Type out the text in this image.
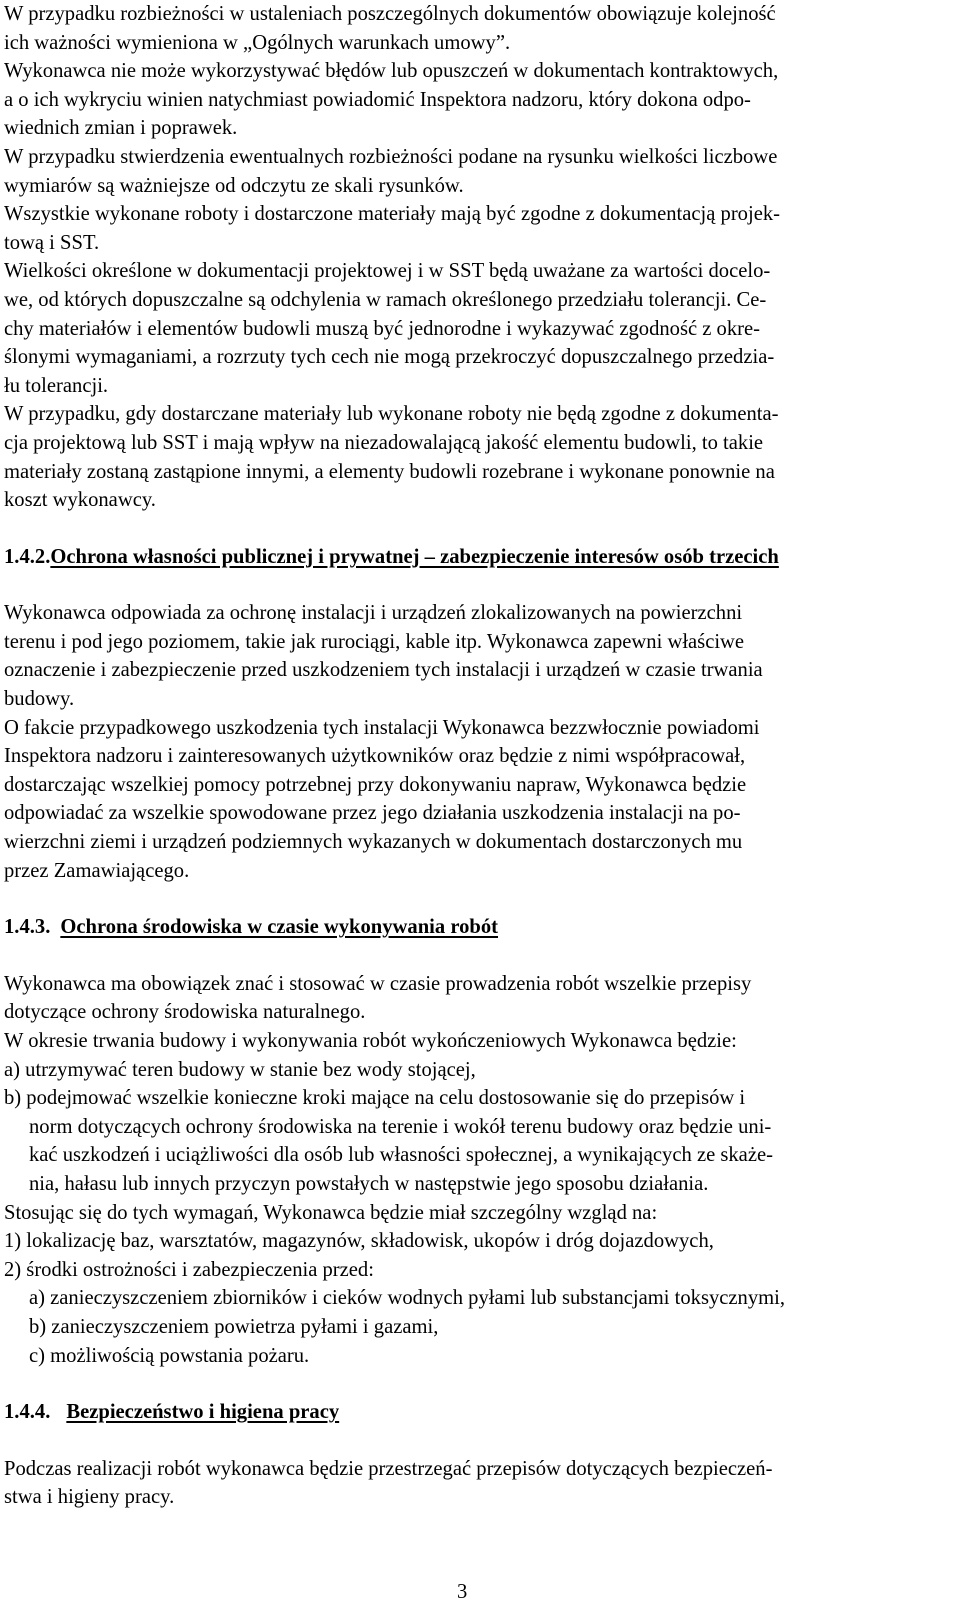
W przypadku rozbieżności w ustaleniach poszczególnych dokumentów obowiązuje kolejność
ich ważności wymieniona w „Ogólnych warunkach umowy”.
Wykonawca nie może wykorzystywać błędów lub opuszczeń w dokumentach kontraktowych,
a o ich wykryciu winien natychmiast powiadomić Inspektora nadzoru, który dokona odpo-
wiednich zmian i poprawek.
W przypadku stwierdzenia ewentualnych rozbieżności podane na rysunku wielkości liczbowe
wymiarów są ważniejsze od odczytu ze skali rysunków.
Wszystkie wykonane roboty i dostarczone materiały mają być zgodne z dokumentacją projek-
tową i SST.
Wielkości określone w dokumentacji projektowej i w SST będą uważane za wartości docelo-
we, od których dopuszczalne są odchylenia w ramach określonego przedziału tolerancji. Ce-
chy materiałów i elementów budowli muszą być jednorodne i wykazywać zgodność z okre-
ślonymi wymaganiami, a rozrzuty tych cech nie mogą przekroczyć dopuszczalnego przedzia-
łu tolerancji.
W przypadku, gdy dostarczane materiały lub wykonane roboty nie będą zgodne z dokumenta-
cja projektową lub SST i mają wpływ na niezadowalającą jakość elementu budowli, to takie
materiały zostaną zastąpione innymi, a elementy budowli rozebrane i wykonane ponownie na
koszt wykonawcy.
1.4.2. Ochrona własności publicznej i prywatnej – zabezpieczenie interesów osób trzecich
Wykonawca odpowiada za ochronę instalacji i urządzeń zlokalizowanych na powierzchni
terenu i pod jego poziomem, takie jak rurociągi, kable itp. Wykonawca zapewni właściwe
oznaczenie i zabezpieczenie przed uszkodzeniem tych instalacji i urządzeń w czasie trwania
budowy.
O fakcie przypadkowego uszkodzenia tych instalacji Wykonawca bezzwłocznie powiadomi
Inspektora nadzoru i zainteresowanych użytkowników oraz będzie z nimi współpracował,
dostarczając wszelkiej pomocy potrzebnej przy dokonywaniu napraw, Wykonawca będzie
odpowiadać za wszelkie spowodowane przez jego działania uszkodzenia instalacji na po-
wierzchni ziemi i urządzeń podziemnych wykazanych w dokumentach dostarczonych mu
przez Zamawiającego.
1.4.3. Ochrona środowiska w czasie wykonywania robót
Wykonawca ma obowiązek znać i stosować w czasie prowadzenia robót wszelkie przepisy
dotyczące ochrony środowiska naturalnego.
W okresie trwania budowy i wykonywania robót wykończeniowych Wykonawca będzie:
a) utrzymywać teren budowy w stanie bez wody stojącej,
b) podejmować wszelkie konieczne kroki mające na celu dostosowanie się do przepisów i
norm dotyczących ochrony środowiska na terenie i wokół terenu budowy oraz będzie uni-
kać uszkodzeń i uciążliwości dla osób lub własności społecznej, a wynikających ze skaże-
nia, hałasu lub innych przyczyn powstałych w następstwie jego sposobu działania.
Stosując się do tych wymagań, Wykonawca będzie miał szczególny wzgląd na:
1) lokalizację baz, warsztatów, magazynów, składowisk, ukopów i dróg dojazdowych,
2) środki ostrożności i zabezpieczenia przed:
a) zanieczyszczeniem zbiorników i cieków wodnych pyłami lub substancjami toksycznymi,
b) zanieczyszczeniem powietrza pyłami i gazami,
c) możliwością powstania pożaru.
1.4.4. Bezpieczeństwo i higiena pracy
Podczas realizacji robót wykonawca będzie przestrzegać przepisów dotyczących bezpieczeń-
stwa i higieny pracy.
3
